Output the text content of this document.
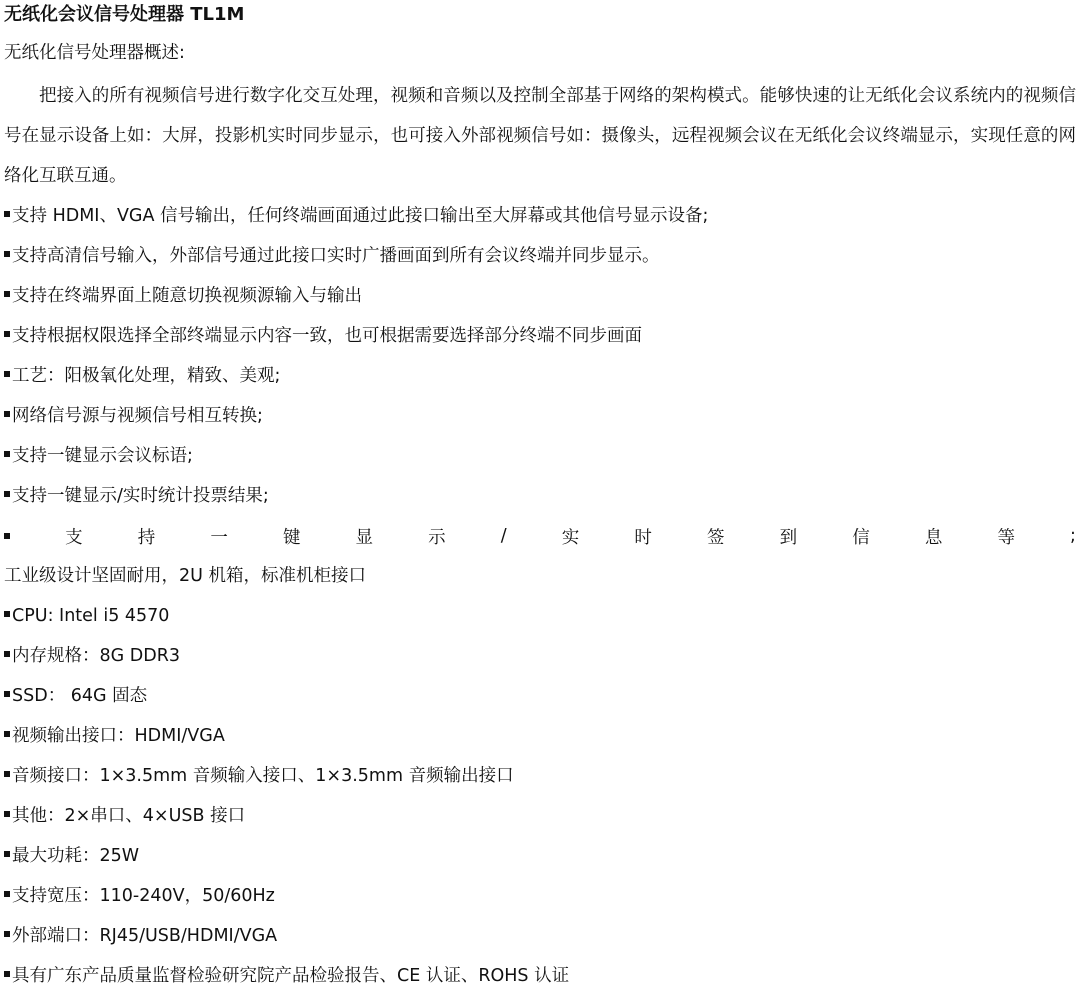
无纸化会议信号处理器 TL1M
无纸化信号处理器概述:

把接入的所有视频信号进行数字化交互处理，视频和音频以及控制全部基于网络的架构模式。能够快速的让无纸化会议系统内的视频信号在显示设备上如：大屏，投影机实时同步显示，也可接入外部视频信号如：摄像头，远程视频会议在无纸化会议终端显示，实现任意的网络化互联互通。

支持 HDMI、VGA 信号输出，任何终端画面通过此接口输出至大屏幕或其他信号显示设备;
支持高清信号输入，外部信号通过此接口实时广播画面到所有会议终端并同步显示。
支持在终端界面上随意切换视频源输入与输出
支持根据权限选择全部终端显示内容一致，也可根据需要选择部分终端不同步画面
工艺：阳极氧化处理，精致、美观;
网络信号源与视频信号相互转换;
支持一键显示会议标语;
支持一键显示/实时统计投票结果;
支	持	一	键	显	示	/	实	时	签	到	信	息	等	;
工业级设计坚固耐用，2U 机箱，标准机柜接口
CPU: Intel i5 4570
内存规格：8G DDR3
SSD： 64G 固态
视频输出接口：HDMI/VGA
音频接口：1×3.5mm 音频输入接口、1×3.5mm 音频输出接口
其他：2×串口、4×USB 接口
最大功耗：25W
支持宽压：110-240V，50/60Hz
外部端口：RJ45/USB/HDMI/VGA
具有广东产品质量监督检验研究院产品检验报告、CE 认证、ROHS 认证
